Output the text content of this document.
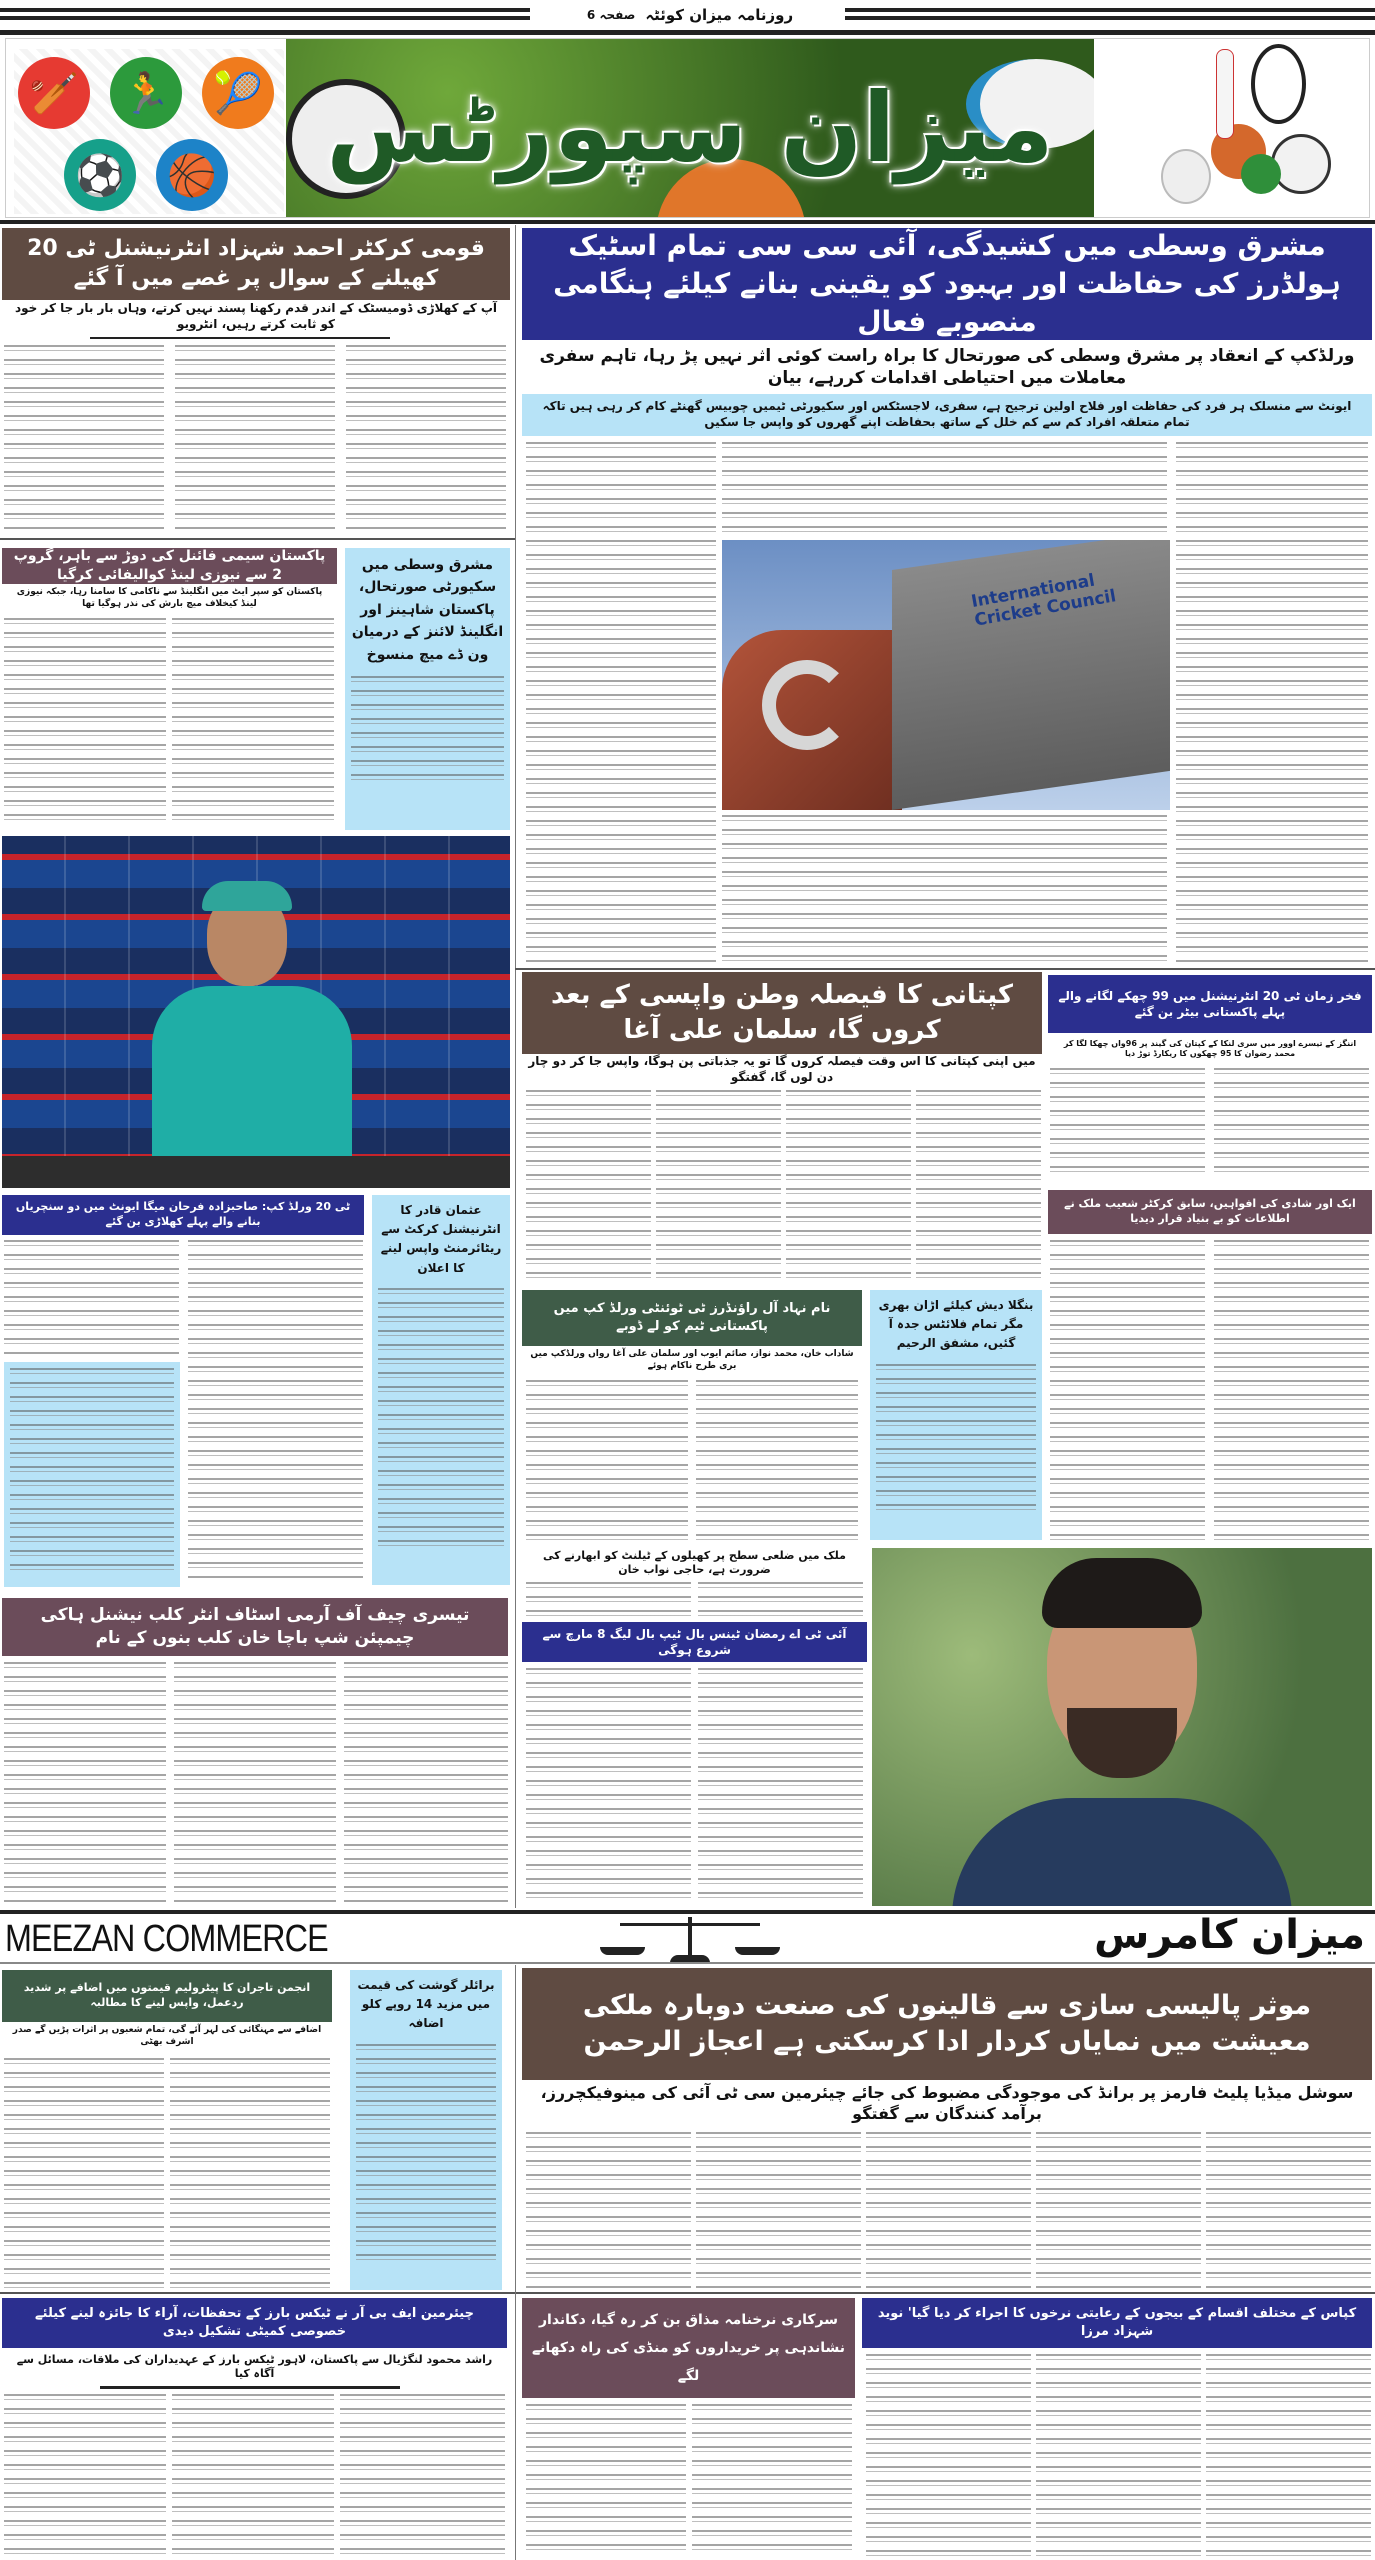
روزنامہ میزان کوئٹہ
صفحہ 6
🏏 🏃 🎾
⚽ 🏀	میزان سپورٹس
مشرق وسطی میں کشیدگی، آئی سی سی تمام اسٹیک ہولڈرز کی حفاظت اور بہبود کو یقینی بنانے کیلئے ہنگامی منصوبے فعال
ورلڈکپ کے انعقاد پر مشرق وسطی کی صورتحال کا براہ راست کوئی اثر نہیں پڑ رہا، تاہم سفری معاملات میں احتیاطی اقدامات کررہے، بیان
ایونٹ سے منسلک ہر فرد کی حفاظت اور فلاح اولین ترجیح ہے، سفری، لاجسٹکس اور سکیورٹی ٹیمیں چوبیس گھنٹے کام کر رہی ہیں تاکہ تمام متعلقہ افراد کم سے کم خلل کے ساتھ بحفاظت اپنے گھروں کو واپس جا سکیں
International Cricket Council
قومی کرکٹر احمد شہزاد انٹرنیشنل ٹی 20 کھیلنے کے سوال پر غصے میں آ گئے
آپ کے کھلاڑی ڈومیسٹک کے اندر قدم رکھنا پسند نہیں کرتے، وہاں بار بار جا کر خود کو ثابت کرتے رہیں، انٹرویو
پاکستان سیمی فائنل کی دوڑ سے باہر، گروپ 2 سے نیوزی لینڈ کوالیفائی کرگیا
پاکستان کو سپر ایٹ میں انگلینڈ سے ناکامی کا سامنا رہا، جبکہ نیوزی لینڈ کیخلاف میچ بارش کی نذر ہوگیا تھا
مشرق وسطی میں سکیورٹی صورتحال، پاکستان شاہینز اور انگلینڈ لائنز کے درمیان ون ڈے میچ منسوخ
ٹی 20 ورلڈ کپ: صاحبزادہ فرحان میگا ایونٹ میں دو سنچریاں بنانے والے پہلے کھلاڑی بن گئے
عثمان قادر کا انٹرنیشنل کرکٹ سے ریٹائرمنٹ واپس لینے کا اعلان
تیسری چیف آف آرمی اسٹاف انٹر کلب نیشنل ہاکی چیمپئن شپ باچا خان کلب بنوں کے نام
کپتانی کا فیصلہ وطن واپسی کے بعد کروں گا، سلمان علی آغا
میں اپنی کپتانی کا اس وقت فیصلہ کروں گا تو یہ جذباتی پن ہوگا، واپس جا کر دو چار دن لوں گا، گفتگو
فخر زمان ٹی 20 انٹرنیشنل میں 99 چھکے لگانے والے پہلے پاکستانی بیٹر بن گئے
اننگز کے تیسرے اوور میں سری لنکا کے کپتان کی گیند پر 96واں چھکا لگا کر محمد رضوان کا 95 چھکوں کا ریکارڈ توڑ دیا
ایک اور شادی کی افواہیں، سابق کرکٹر شعیب ملک نے اطلاعات کو بے بنیاد قرار دیدیا
نام نہاد آل راؤنڈرز ٹی ٹوئنٹی ورلڈ کپ میں پاکستانی ٹیم کو لے ڈوبے
شاداب خان، محمد نواز، صائم ایوب اور سلمان علی آغا رواں ورلڈکپ میں بری طرح ناکام ہوئے
بنگلا دیش کیلئے اڑان بھری مگر تمام فلائٹس جدہ آ گئیں، مشفق الرحیم
ملک میں ضلعی سطح پر کھیلوں کے ٹیلنٹ کو ابھارنے کی ضرورت ہے، حاجی نواب خان
آئی ٹی اے رمضان ٹینس بال ٹیپ بال لیگ 8 مارچ سے شروع ہوگی
MEEZAN COMMERCE	میزان کامرس
انجمن تاجران کا پیٹرولیم قیمتوں میں اضافے پر شدید ردعمل، واپس لینے کا مطالبہ
اضافے سے مہنگائی کی لہر آئے گی، تمام شعبوں پر اثرات پڑیں گے صدر اشرف بھٹی
برائلر گوشت کی قیمت میں مزید 14 روپے کلو اضافہ
موثر پالیسی سازی سے قالینوں کی صنعت دوبارہ ملکی معیشت میں نمایاں کردار ادا کرسکتی ہے اعجاز الرحمن
سوشل میڈیا پلیٹ فارمز پر برانڈ کی موجودگی مضبوط کی جائے چیئرمین سی ٹی آئی کی مینوفیکچررز، برآمد کنندگان سے گفتگو
چیئرمین ایف بی آر نے ٹیکس بارز کے تحفظات، آراء کا جائزہ لینے کیلئے خصوصی کمیٹی تشکیل دیدی
راشد محمود لنگڑیال سے پاکستان، لاہور ٹیکس بارز کے عہدیداران کی ملاقات، مسائل سے آگاہ کیا
سرکاری نرخنامہ مذاق بن کر رہ گیا، دکاندار نشاندہی پر خریداروں کو منڈی کی راہ دکھانے لگے
کپاس کے مختلف اقسام کے بیجوں کے رعایتی نرخوں کا اجراء کر دیا گیا' نوید شہزاد مرزا
